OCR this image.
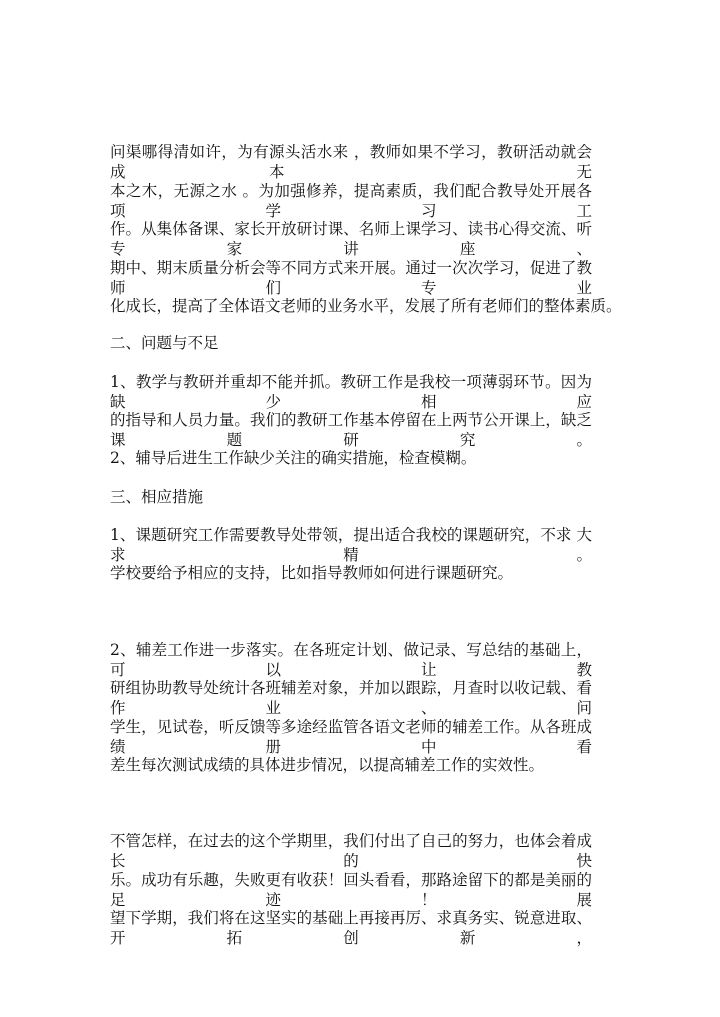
问渠哪得清如许，为有源头活水来 ，教师如果不学习，教研活动就会成本 无
本之木，无源之水 。为加强修养，提高素质，我们配合教导处开展各项学习工
作。从集体备课、家长开放研讨课、名师上课学习、读书心得交流、听专家讲座、
期中、期末质量分析会等不同方式来开展。通过一次次学习，促进了教师们专业
化成长，提高了全体语文老师的业务水平，发展了所有老师们的整体素质。
二、问题与不足
1、教学与教研并重却不能并抓。教研工作是我校一项薄弱环节。因为缺少相应
的指导和人员力量。我们的教研工作基本停留在上两节公开课上，缺乏课题研究。
2、辅导后进生工作缺少关注的确实措施，检查模糊。
三、相应措施
1、课题研究工作需要教导处带领，提出适合我校的课题研究，不求 大 求 精 。
学校要给予相应的支持，比如指导教师如何进行课题研究。
2、辅差工作进一步落实。在各班定计划、做记录、写总结的基础上，可以让教
研组协助教导处统计各班辅差对象，并加以跟踪，月查时以收记载、看作业、问
学生，见试卷，听反馈等多途经监管各语文老师的辅差工作。从各班成绩册中看
差生每次测试成绩的具体进步情况，以提高辅差工作的实效性。
不管怎样，在过去的这个学期里，我们付出了自己的努力，也体会着成长的快
乐。成功有乐趣，失败更有收获！回头看看，那路途留下的都是美丽的足迹！展
望下学期，我们将在这坚实的基础上再接再厉、求真务实、锐意进取、开拓创新，
